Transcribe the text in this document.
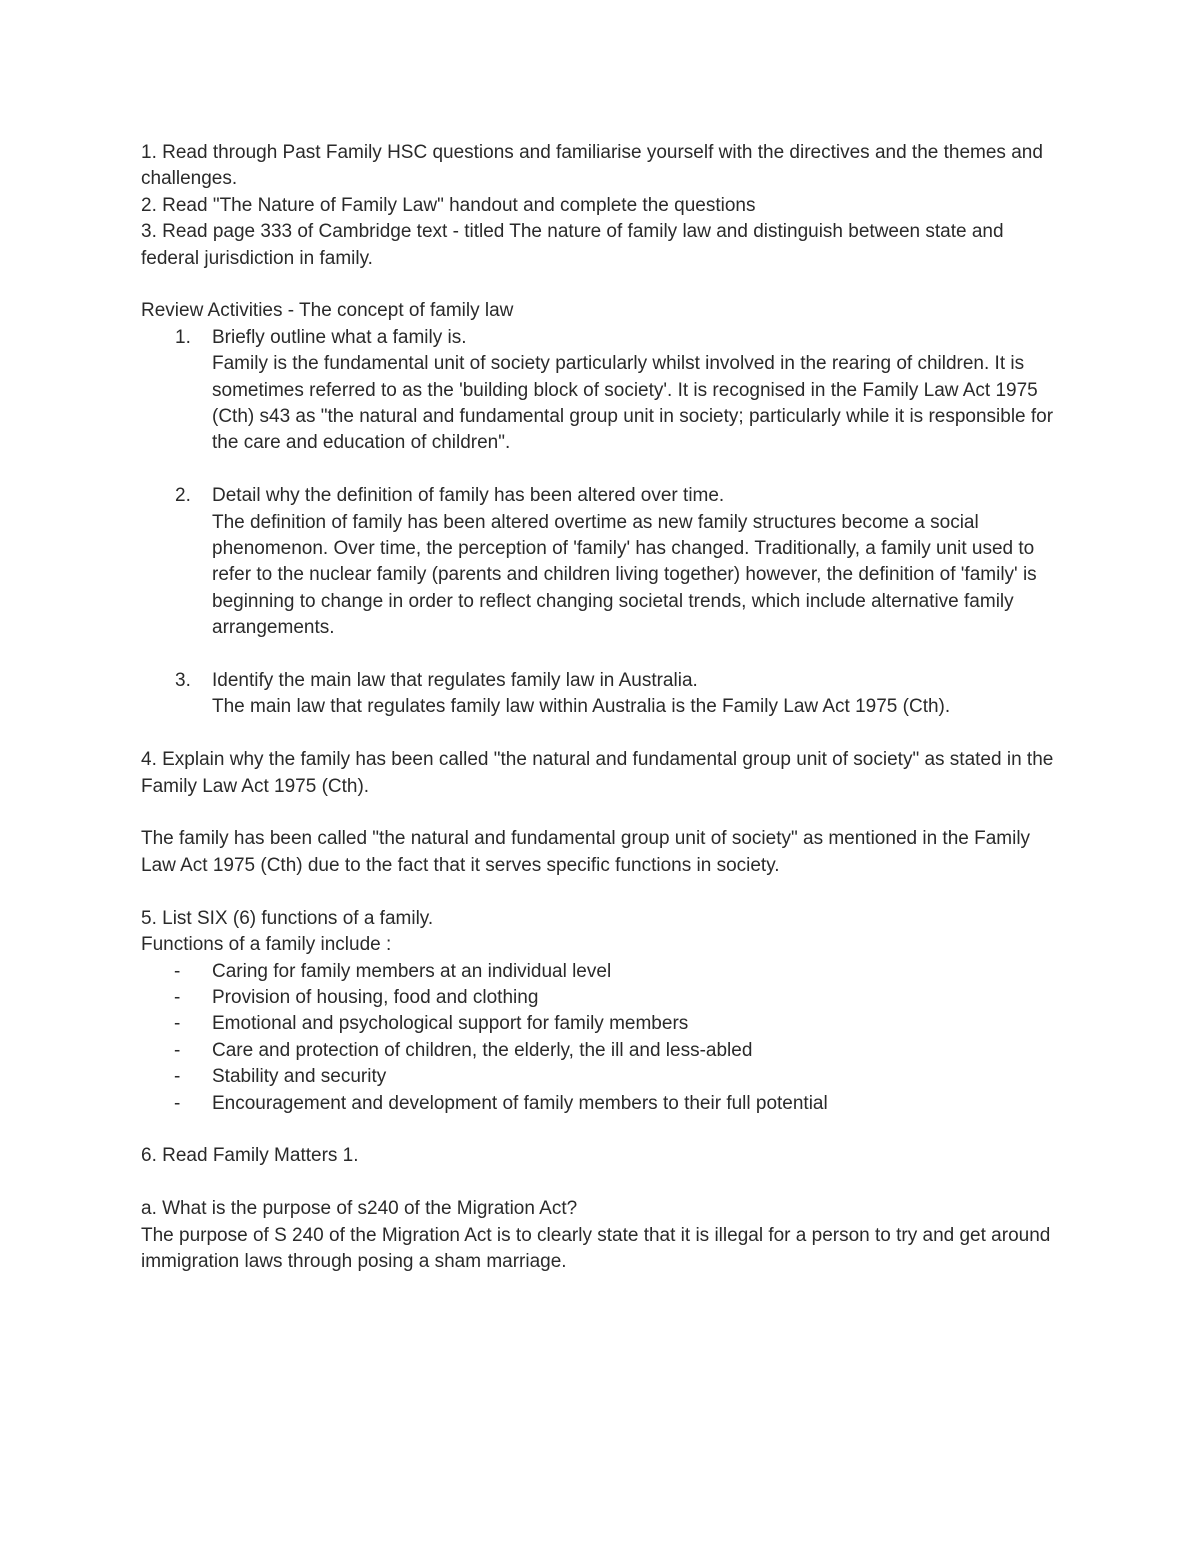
1. Read through Past Family HSC questions and familiarise yourself with the directives and the themes and challenges.

2. Read "The Nature of Family Law" handout and complete the questions

3. Read page 333 of Cambridge text - titled The nature of family law and distinguish between state and federal jurisdiction in family.

Review Activities - The concept of family law

1.	Briefly outline what a family is.

Family is the fundamental unit of society particularly whilst involved in the rearing of children. It is sometimes referred to as the 'building block of society'. It is recognised in the Family Law Act 1975 (Cth) s43 as "the natural and fundamental group unit in society; particularly while it is responsible for the care and education of children".

2.	Detail why the definition of family has been altered over time.

The definition of family has been altered overtime as new family structures become a social phenomenon. Over time, the perception of 'family' has changed. Traditionally, a family unit used to refer to the nuclear family (parents and children living together) however, the definition of 'family' is beginning to change in order to reflect changing societal trends, which include alternative family arrangements.

3.	Identify the main law that regulates family law in Australia.

The main law that regulates family law within Australia is the Family Law Act 1975 (Cth).

4. Explain why the family has been called "the natural and fundamental group unit of society" as stated in the Family Law Act 1975 (Cth).

The family has been called "the natural and fundamental group unit of society" as mentioned in the Family Law Act 1975 (Cth) due to the fact that it serves specific functions in society.

5. List SIX (6) functions of a family.

Functions of a family include :

-	Caring for family members at an individual level
-	Provision of housing, food and clothing
-	Emotional and psychological support for family members
-	Care and protection of children, the elderly, the ill and less-abled
-	Stability and security
-	Encouragement and development of family members to their full potential

6. Read Family Matters 1.

a. What is the purpose of s240 of the Migration Act?

The purpose of S 240 of the Migration Act is to clearly state that it is illegal for a person to try and get around immigration laws through posing a sham marriage.
